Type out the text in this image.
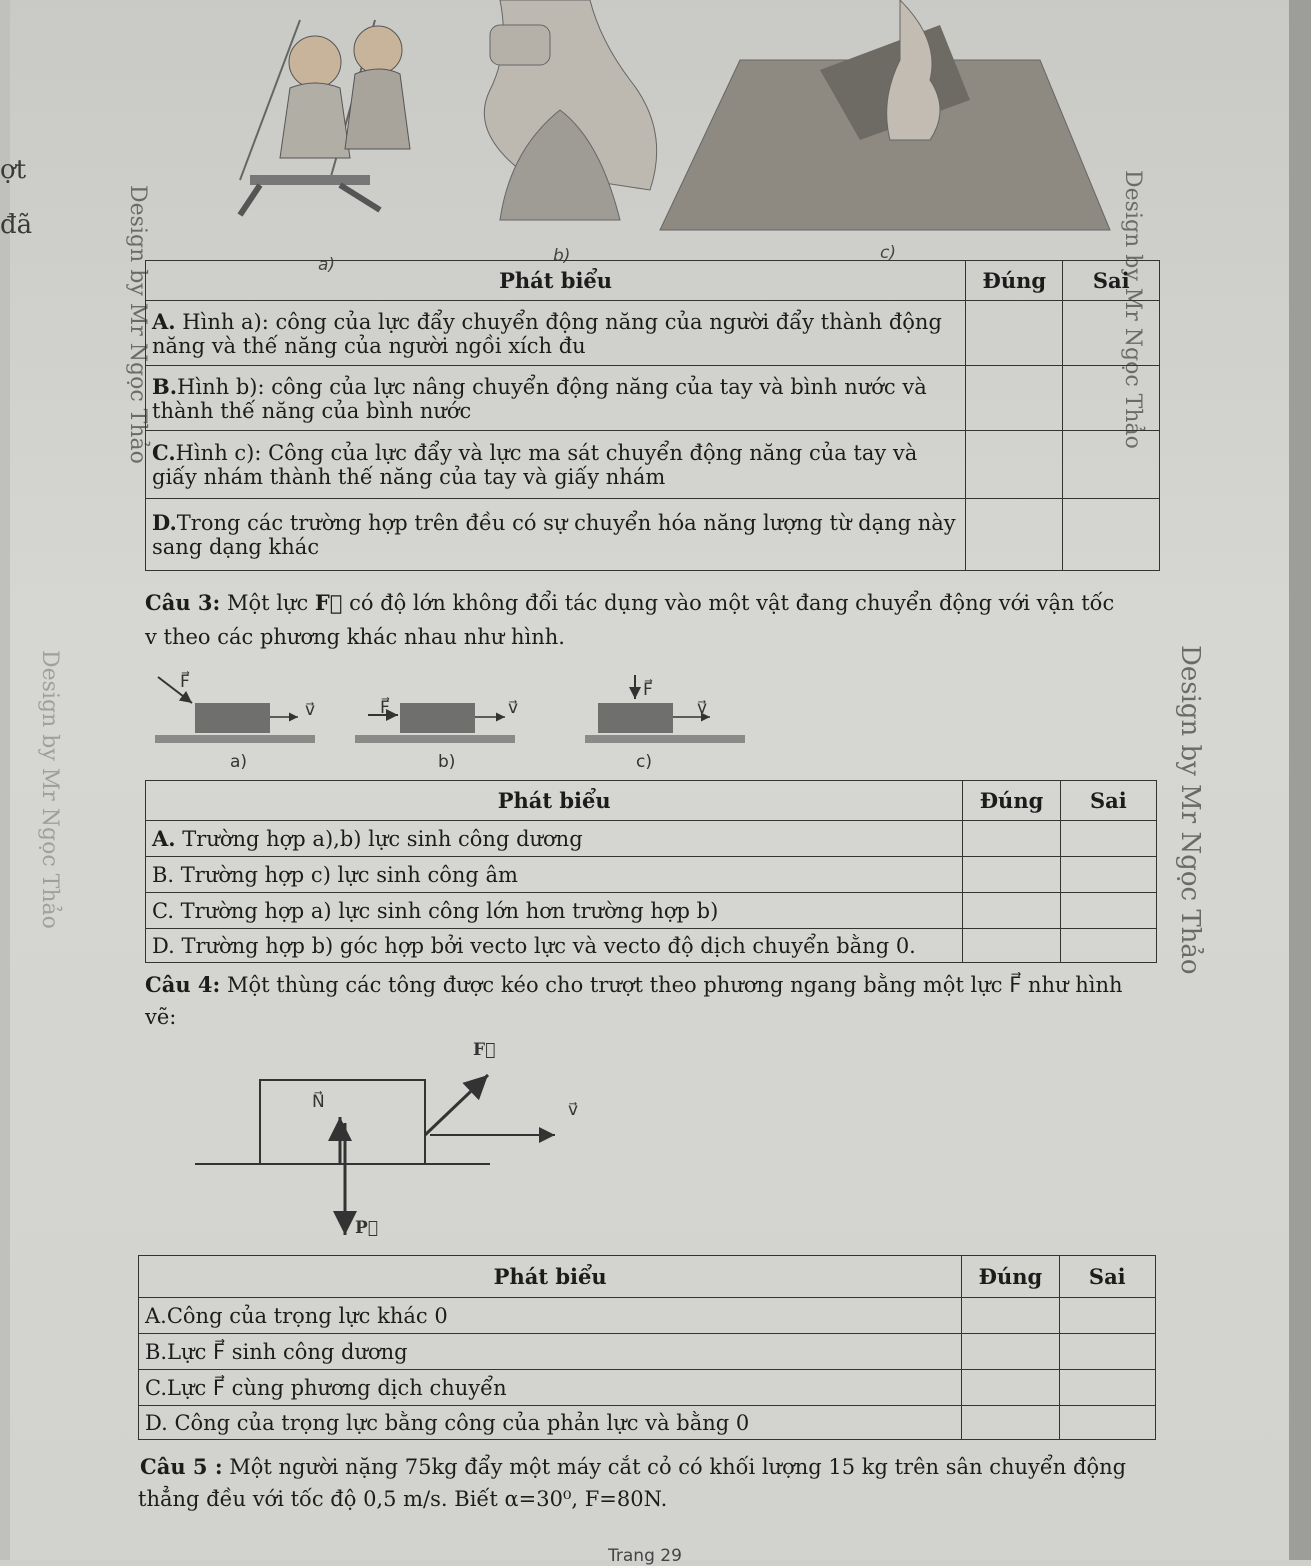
ợt
đã	Design by Mr Ngọc Thảo	Design by Mr Ngọc Thảo
Design by Mr Ngọc Thảo
Design by Mr Ngọc Thảo
a)	b)	c)
Phát biểu	Đúng	Sai
A. Hình a): công của lực đẩy chuyển động năng của người đẩy thành động năng và thế năng của người ngồi xích đu		
B.Hình b): công của lực nâng chuyển động năng của tay và bình nước và thành thế năng của bình nước		
C.Hình c): Công của lực đẩy và lực ma sát chuyển động năng của tay và giấy nhám thành thế năng của tay và giấy nhám		
D.Trong các trường hợp trên đều có sự chuyển hóa năng lượng từ dạng này sang dạng khác		
Câu 3: Một lực F⃗ có độ lớn không đổi tác dụng vào một vật đang chuyển động với vận tốc
v theo các phương khác nhau như hình.
F⃗
v⃗	F⃗	v⃗
F⃗
v⃗
a)	b)	c)
Phát biểu	Đúng	Sai
A. Trường hợp a),b) lực sinh công dương		
B. Trường hợp c) lực sinh công âm		
C. Trường hợp a) lực sinh công lớn hơn trường hợp b)		
D. Trường hợp b) góc hợp bởi vecto lực và vecto độ dịch chuyển bằng 0.		
Câu 4: Một thùng các tông được kéo cho trượt theo phương ngang bằng một lực F⃗ như hình
vẽ:
F⃗
N⃗	v⃗
P⃗
Phát biểu	Đúng	Sai
A.Công của trọng lực khác 0		
B.Lực F⃗ sinh công dương		
C.Lực F⃗ cùng phương dịch chuyển		
D. Công của trọng lực bằng công của phản lực và bằng 0		
Câu 5 : Một người nặng 75kg đẩy một máy cắt cỏ có khối lượng 15 kg trên sân chuyển động
thẳng đều với tốc độ 0,5 m/s. Biết α=30⁰, F=80N.
Trang 29
